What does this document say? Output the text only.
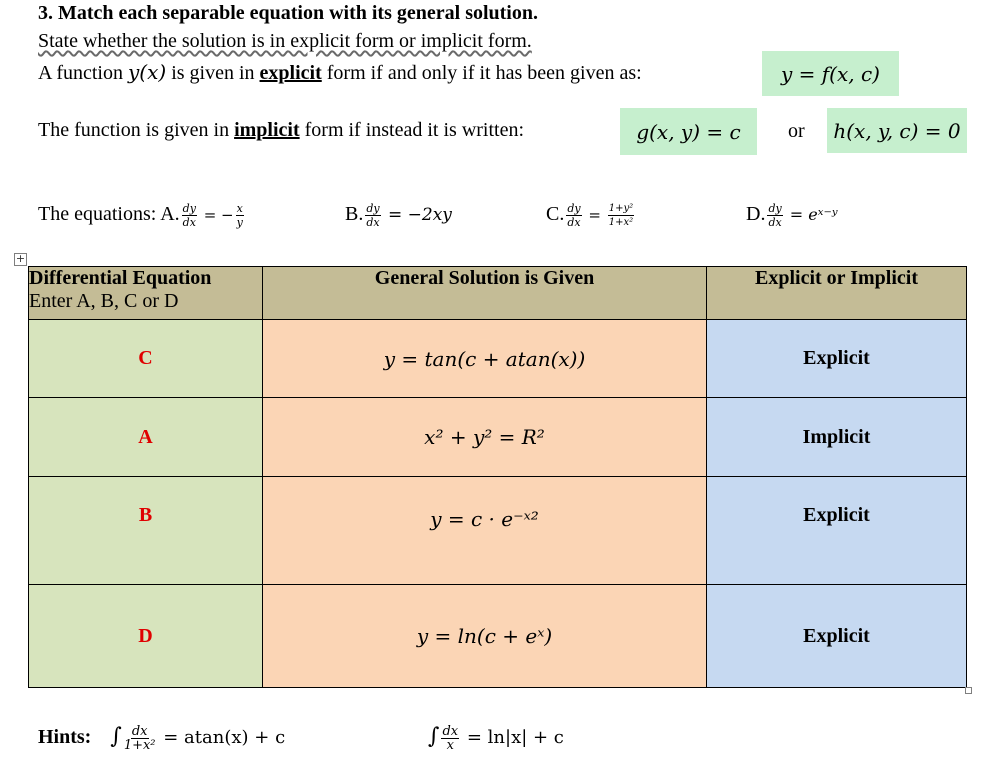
3. Match each separable equation with its general solution.
State whether the solution is in explicit form or implicit form.
A function y(x) is given in explicit form if and only if it has been given as:	y = f(x, c)
The function is given in implicit form if instead it is written:	g(x, y) = c or h(x, y, c) = 0
The equations: A. $\frac{dy}{dx}$ = − $\frac{x}{y}$	B. $\frac{dy}{dx} = -2xy$	C. $\frac{dy}{dx} = \frac{\text{1+y²}}{\text{1+x²}}$	D. $\frac{dy}{dx}$ = eˣ⁻ʸ
+
Differential Equation
Enter A, B, C or D	General Solution is Given	Explicit or Implicit
C	y = tan(c + atan(x))	Explicit
A	x² + y² = R²	Implicit
B	y = c · e⁻ˣ²	Explicit
D	y = ln(c + eˣ)	Explicit
Hints: ∫ $\frac{dx}{\text{1+x²}} = atan(x) + c$	∫ $\frac{dx}{x} = \ln|x| + c$
